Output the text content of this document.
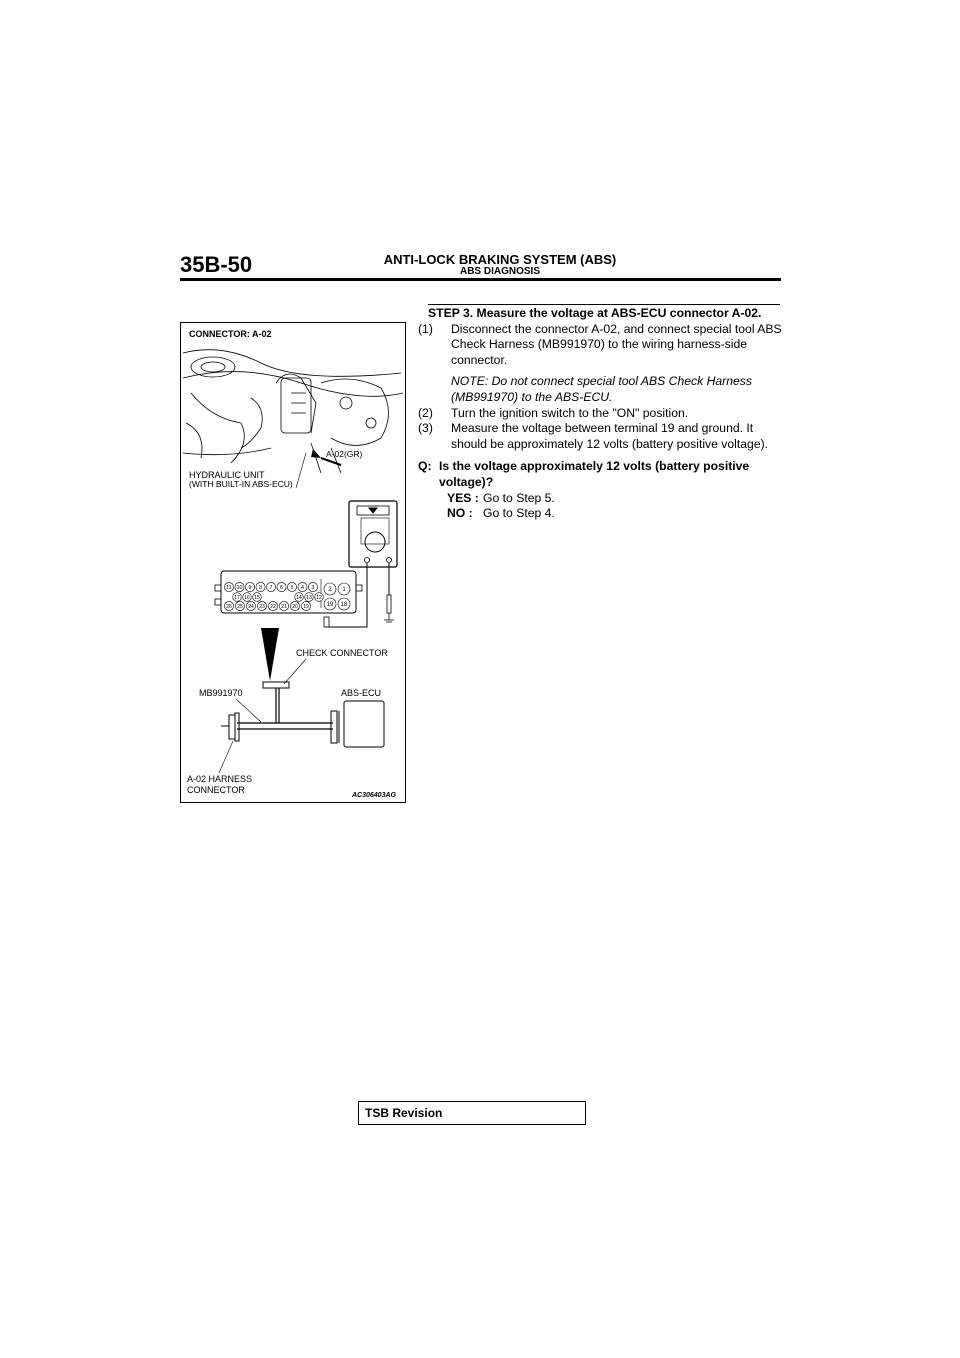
35B-50	ANTI-LOCK BRAKING SYSTEM (ABS)
ABS DIAGNOSIS
CONNECTOR: A-02
A-02(GR)
HYDRAULIC UNIT
(WITH BUILT-IN ABS-ECU)
11 10 9 8 7 6 5 4 3
17 16 15	14 13 12
26 25 24 23 22 21 20 19
2 1
19 18
CHECK CONNECTOR
MB991970	ABS-ECU
A-02 HARNESS
CONNECTOR
AC306403AG

STEP 3. Measure the voltage at ABS-ECU connector A-02.

(1) Disconnect the connector A-02, and connect special tool ABS Check Harness (MB991970) to the wiring harness-side connector.

NOTE: Do not connect special tool ABS Check Harness (MB991970) to the ABS-ECU.

(2) Turn the ignition switch to the "ON" position.

(3) Measure the voltage between terminal 19 and ground. It should be approximately 12 volts (battery positive voltage).

Q: Is the voltage approximately 12 volts (battery positive voltage)?

YES : Go to Step 5.

NO : Go to Step 4.

TSB Revision
